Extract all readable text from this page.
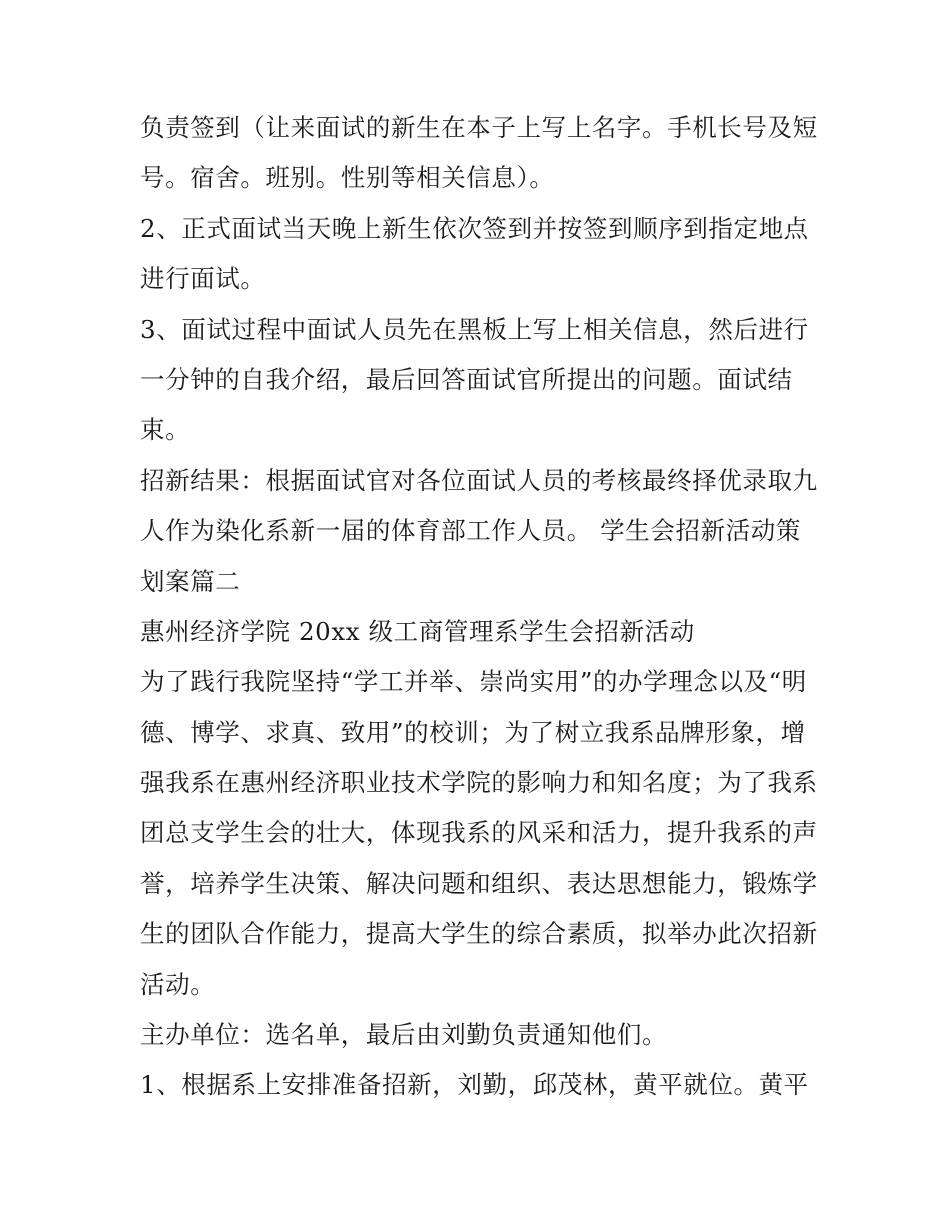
负责签到（让来面试的新生在本子上写上名字。手机长号及短
号。宿舍。班别。性别等相关信息）。
2、正式面试当天晚上新生依次签到并按签到顺序到指定地点
进行面试。
3、面试过程中面试人员先在黑板上写上相关信息，然后进行
一分钟的自我介绍，最后回答面试官所提出的问题。面试结
束。
招新结果：根据面试官对各位面试人员的考核最终择优录取九
人作为染化系新一届的体育部工作人员。 学生会招新活动策
划案篇二
惠州经济学院 20xx 级工商管理系学生会招新活动
为了践行我院坚持“学工并举、崇尚实用”的办学理念以及“明
德、博学、求真、致用”的校训；为了树立我系品牌形象，增
强我系在惠州经济职业技术学院的影响力和知名度；为了我系
团总支学生会的壮大，体现我系的风采和活力，提升我系的声
誉，培养学生决策、解决问题和组织、表达思想能力，锻炼学
生的团队合作能力，提高大学生的综合素质，拟举办此次招新
活动。
主办单位：选名单，最后由刘勤负责通知他们。
1、根据系上安排准备招新，刘勤，邱茂林，黄平就位。黄平
